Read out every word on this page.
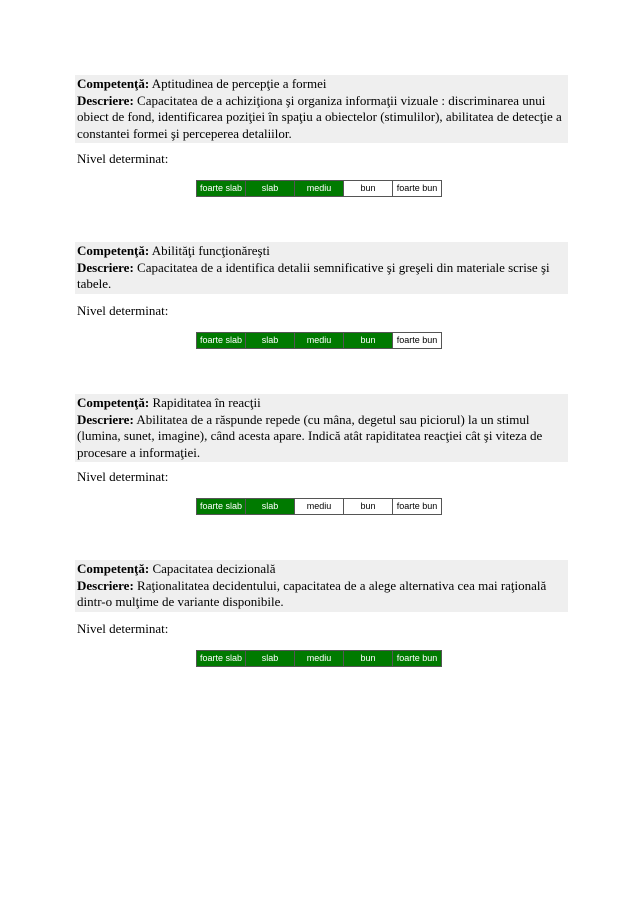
Competenţă: Aptitudinea de percepţie a formei
Descriere: Capacitatea de a achiziţiona şi organiza informaţii vizuale : discriminarea unui obiect de fond, identificarea poziţiei în spaţiu a obiectelor (stimulilor), abilitatea de detecţie a constantei formei şi perceperea detaliilor.
Nivel determinat:
foarte slab	slab	mediu	bun	foarte bun
Competenţă: Abilităţi funcţionăreşti
Descriere: Capacitatea de a identifica detalii semnificative şi greşeli din materiale scrise şi tabele.
Nivel determinat:
foarte slab	slab	mediu	bun	foarte bun
Competenţă: Rapiditatea în reacţii
Descriere: Abilitatea de a răspunde repede (cu mâna, degetul sau piciorul) la un stimul (lumina, sunet, imagine), când acesta apare. Indică atât rapiditatea reacţiei cât şi viteza de procesare a informaţiei.
Nivel determinat:
foarte slab	slab	mediu	bun	foarte bun
Competenţă: Capacitatea decizională
Descriere: Raţionalitatea decidentului, capacitatea de a alege alternativa cea mai raţională dintr-o mulţime de variante disponibile.
Nivel determinat:
foarte slab	slab	mediu	bun	foarte bun
